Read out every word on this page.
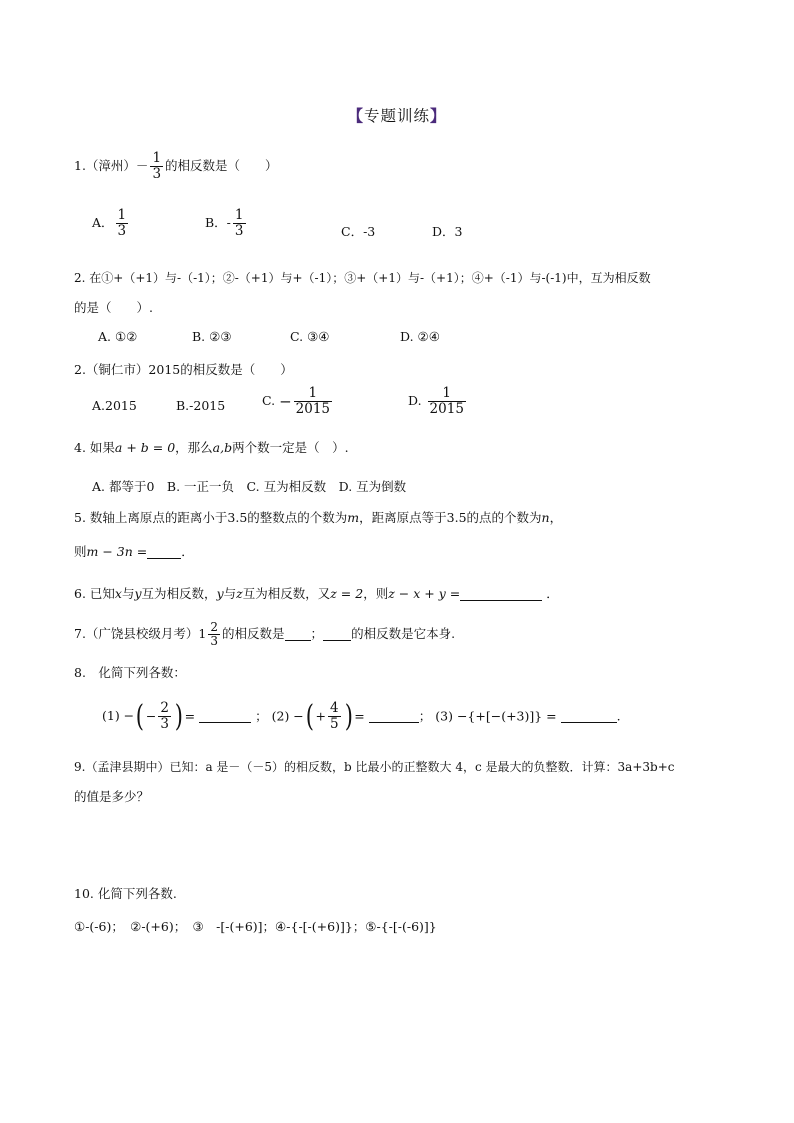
【专题训练】
1.（漳州）－ $\frac{1}{3}$ 的相反数是（　　）
A． $\frac{1}{3}$	B．- $\frac{1}{3}$	C．-3	D．3
2. 在①+（+1）与-（-1）；②-（+1）与+（-1）；③+（+1）与-（+1）；④+（-1）与-(-1)中，互为相反数
的是（　　）.
A. ①②	B. ②③	C. ③④	D. ②④
2.（铜仁市）2015的相反数是（　　）
A.2015	B.-2015	C. − $\frac{1}{2015}$	D. $\frac{1}{2015}$
4. 如果a + b = 0，那么a,b两个数一定是（　）.
A. 都等于0　B. 一正一负　C. 互为相反数　D. 互为倒数
5. 数轴上离原点的距离小于3.5的整数点的个数为m，距离原点等于3.5的点的个数为n，
则m − 3n =	．
6. 已知x与y互为相反数，y与z互为相反数，又z = 2，则z − x + y =	．
7.（广饶县校级月考）$1 \frac{2}{3}$ 的相反数是 ； 的相反数是它本身.
8.　化简下列各数：
(1) −( − $\frac{2}{3}$ ) =	； (2) −( + $\frac{4}{5}$ ) =	； (3) −{+[−(+3)]} =	.
9.（孟津县期中）已知：a 是－（－5）的相反数，b 比最小的正整数大 4，c 是最大的负整数．计算：3a+3b+c
的值是多少？
10. 化简下列各数.
①-(-6)；　②-(+6)；　③　-[-(+6)]；④-{-[-(+6)]}；⑤-{-[-(-6)]}
